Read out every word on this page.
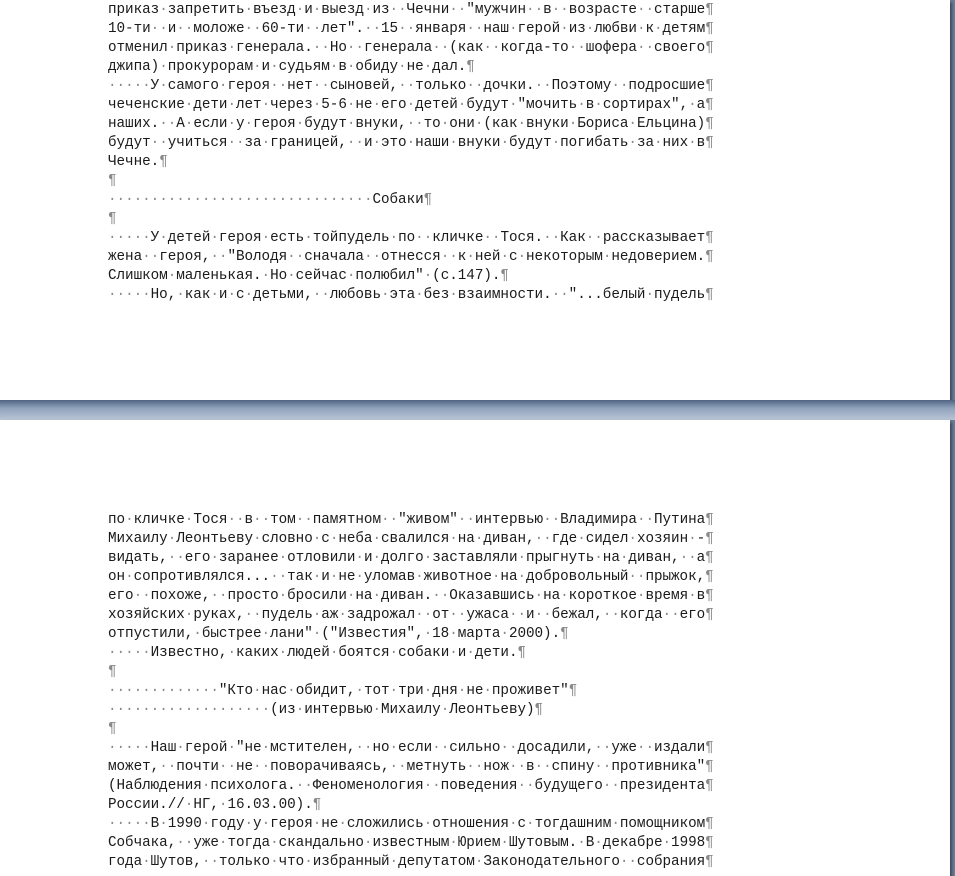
приказ·запретить·въезд·и·выезд·из··Чечни··"мужчин··в··возрасте··старше¶
10-ти··и··моложе··60-ти··лет".··15··января··наш·герой·из·любви·к·детям¶
отменил·приказ·генерала.··Но··генерала··(как··когда-то··шофера··своего¶
джипа)·прокурорам·и·судьям·в·обиду·не·дал.¶
·····У·самого·героя··нет··сыновей,··только··дочки.··Поэтому··подросшие¶
чеченские·дети·лет·через·5-6·не·его·детей·будут·"мочить·в·сортирах",·а¶
наших.··А·если·у·героя·будут·внуки,··то·они·(как·внуки·Бориса·Ельцина)¶
будут··учиться··за·границей,··и·это·наши·внуки·будут·погибать·за·них·в¶
Чечне.¶
¶
·······························Собаки¶
¶
·····У·детей·героя·есть·тойпудель·по··кличке··Тося.··Как··рассказывает¶
жена··героя,··"Володя··сначала··отнесся··к·ней·с·некоторым·недоверием.¶
Слишком·маленькая.·Но·сейчас·полюбил"·(с.147).¶
·····Но,·как·и·с·детьми,··любовь·эта·без·взаимности.··"...белый·пудель¶
по·кличке·Тося··в··том··памятном··"живом"··интервью··Владимира··Путина¶
Михаилу·Леонтьеву·словно·с·неба·свалился·на·диван,··где·сидел·хозяин·-¶
видать,··его·заранее·отловили·и·долго·заставляли·прыгнуть·на·диван,··а¶
он·сопротивлялся...··так·и·не·уломав·животное·на·добровольный··прыжок,¶
его··похоже,··просто·бросили·на·диван.··Оказавшись·на·короткое·время·в¶
хозяйских·руках,··пудель·аж·задрожал··от··ужаса··и··бежал,··когда··его¶
отпустили,·быстрее·лани"·("Известия",·18·марта·2000).¶
·····Известно,·каких·людей·боятся·собаки·и·дети.¶
¶
·············"Кто·нас·обидит,·тот·три·дня·не·проживет"¶
···················(из·интервью·Михаилу·Леонтьеву)¶
¶
·····Наш·герой·"не·мстителен,··но·если··сильно··досадили,··уже··издали¶
может,··почти··не··поворачиваясь,··метнуть··нож··в··спину··противника"¶
(Наблюдения·психолога.··Феноменология··поведения··будущего··президента¶
России.//·НГ,·16.03.00).¶
·····В·1990·году·у·героя·не·сложились·отношения·с·тогдашним·помощником¶
Собчака,··уже·тогда·скандально·известным·Юрием·Шутовым.·В·декабре·1998¶
года·Шутов,··только·что·избранный·депутатом·Законодательного··собрания¶
